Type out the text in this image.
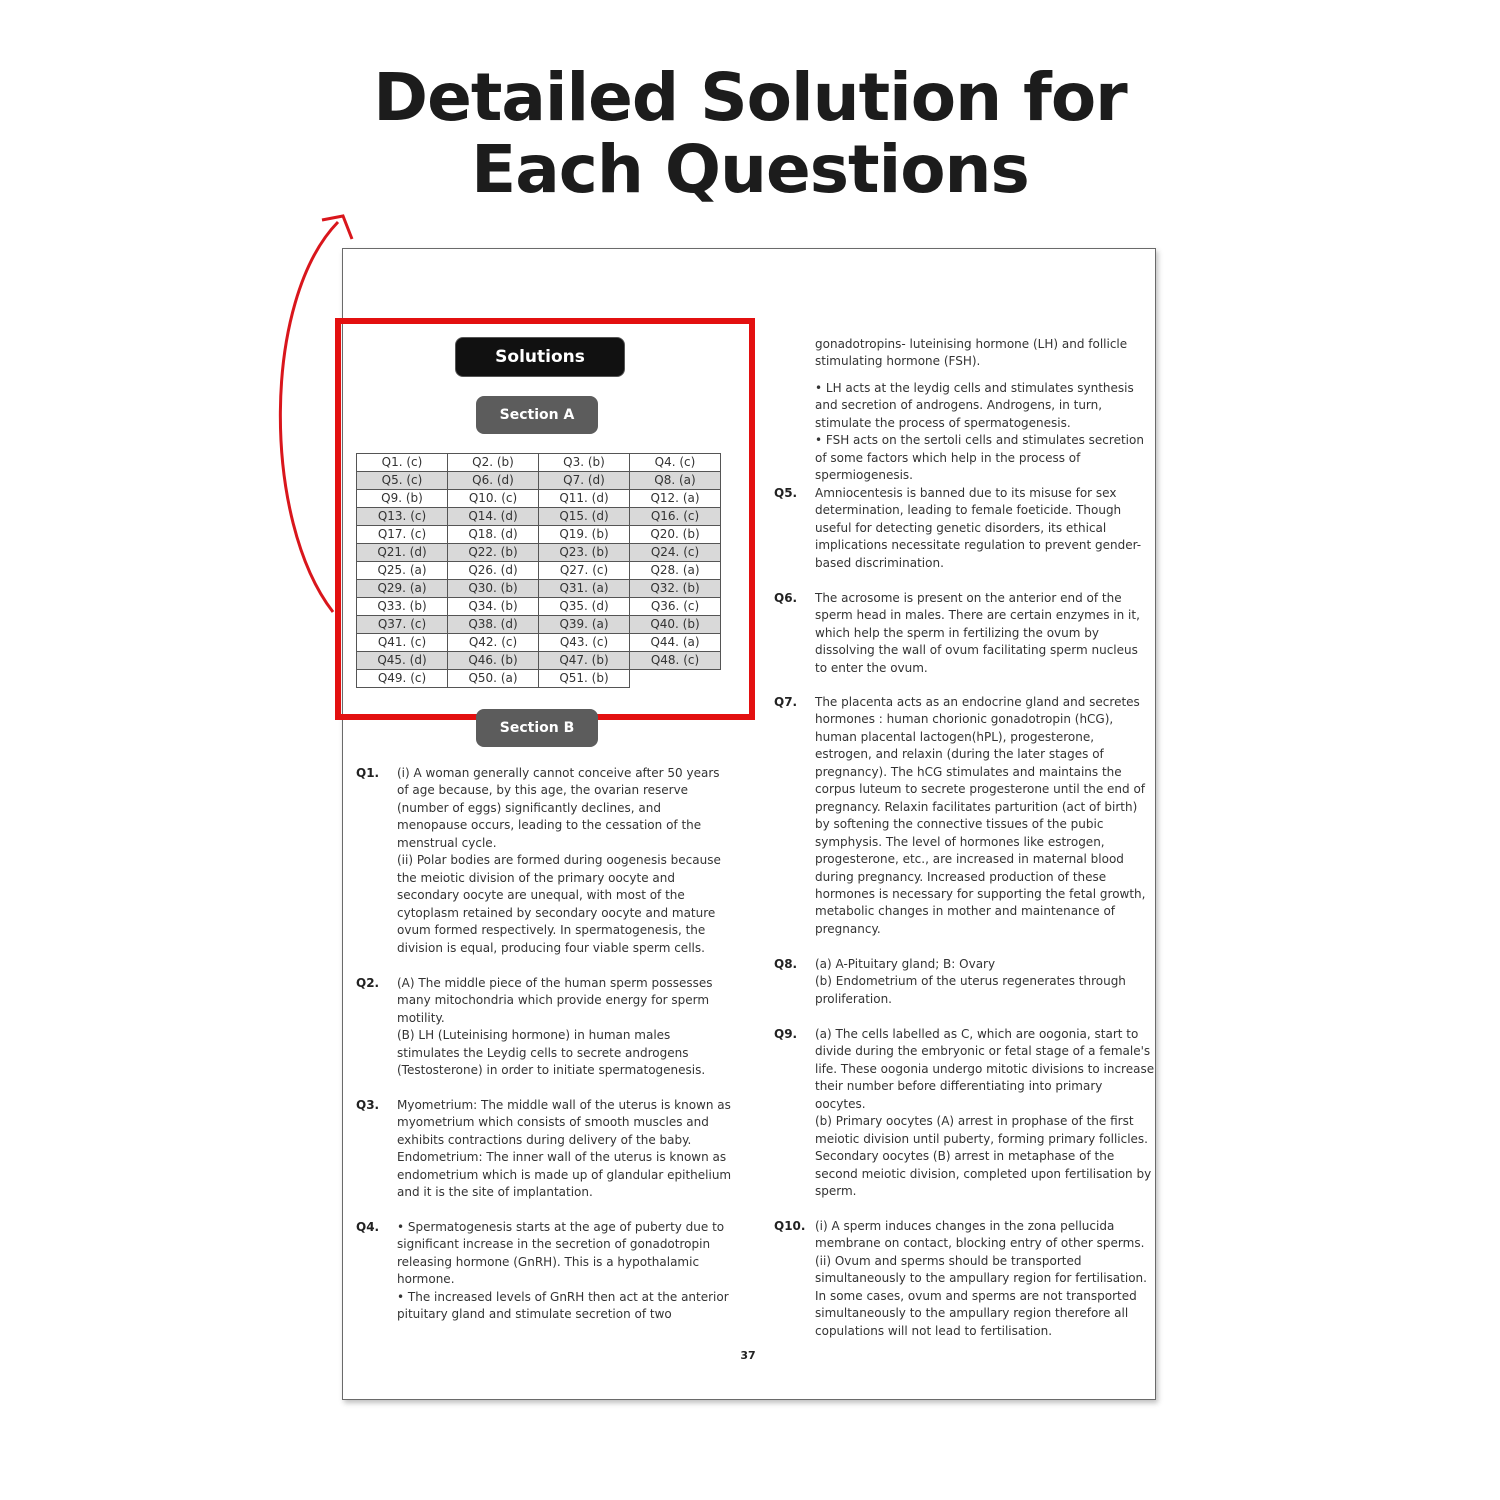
Detailed Solution for
Each Questions
Solutions
Section A
Q1. (c)	Q2. (b)	Q3. (b)	Q4. (c)
Q5. (c)	Q6. (d)	Q7. (d)	Q8. (a)
Q9. (b)	Q10. (c)	Q11. (d)	Q12. (a)
Q13. (c)	Q14. (d)	Q15. (d)	Q16. (c)
Q17. (c)	Q18. (d)	Q19. (b)	Q20. (b)
Q21. (d)	Q22. (b)	Q23. (b)	Q24. (c)
Q25. (a)	Q26. (d)	Q27. (c)	Q28. (a)
Q29. (a)	Q30. (b)	Q31. (a)	Q32. (b)
Q33. (b)	Q34. (b)	Q35. (d)	Q36. (c)
Q37. (c)	Q38. (d)	Q39. (a)	Q40. (b)
Q41. (c)	Q42. (c)	Q43. (c)	Q44. (a)
Q45. (d)	Q46. (b)	Q47. (b)	Q48. (c)
Q49. (c)	Q50. (a)	Q51. (b)	
Section B
Q1. (i) A woman generally cannot conceive after 50 years
of age because, by this age, the ovarian reserve
(number of eggs) significantly declines, and
menopause occurs, leading to the cessation of the
menstrual cycle.
(ii) Polar bodies are formed during oogenesis because
the meiotic division of the primary oocyte and
secondary oocyte are unequal, with most of the
cytoplasm retained by secondary oocyte and mature
ovum formed respectively. In spermatogenesis, the
division is equal, producing four viable sperm cells.
Q2. (A) The middle piece of the human sperm possesses
many mitochondria which provide energy for sperm
motility.
(B) LH (Luteinising hormone) in human males
stimulates the Leydig cells to secrete androgens
(Testosterone) in order to initiate spermatogenesis.
Q3. Myometrium: The middle wall of the uterus is known as
myometrium which consists of smooth muscles and
exhibits contractions during delivery of the baby.
Endometrium: The inner wall of the uterus is known as
endometrium which is made up of glandular epithelium
and it is the site of implantation.
Q4. • Spermatogenesis starts at the age of puberty due to
significant increase in the secretion of gonadotropin
releasing hormone (GnRH). This is a hypothalamic
hormone.
• The increased levels of GnRH then act at the anterior
pituitary gland and stimulate secretion of two
gonadotropins- luteinising hormone (LH) and follicle
stimulating hormone (FSH).
• LH acts at the leydig cells and stimulates synthesis
and secretion of androgens. Androgens, in turn,
stimulate the process of spermatogenesis.
• FSH acts on the sertoli cells and stimulates secretion
of some factors which help in the process of
spermiogenesis.
Q5. Amniocentesis is banned due to its misuse for sex
determination, leading to female foeticide. Though
useful for detecting genetic disorders, its ethical
implications necessitate regulation to prevent gender-
based discrimination.
Q6. The acrosome is present on the anterior end of the
sperm head in males. There are certain enzymes in it,
which help the sperm in fertilizing the ovum by
dissolving the wall of ovum facilitating sperm nucleus
to enter the ovum.
Q7. The placenta acts as an endocrine gland and secretes
hormones : human chorionic gonadotropin (hCG),
human placental lactogen(hPL), progesterone,
estrogen, and relaxin (during the later stages of
pregnancy). The hCG stimulates and maintains the
corpus luteum to secrete progesterone until the end of
pregnancy. Relaxin facilitates parturition (act of birth)
by softening the connective tissues of the pubic
symphysis. The level of hormones like estrogen,
progesterone, etc., are increased in maternal blood
during pregnancy. Increased production of these
hormones is necessary for supporting the fetal growth,
metabolic changes in mother and maintenance of
pregnancy.
Q8. (a) A-Pituitary gland; B: Ovary
(b) Endometrium of the uterus regenerates through
proliferation.
Q9. (a) The cells labelled as C, which are oogonia, start to
divide during the embryonic or fetal stage of a female's
life. These oogonia undergo mitotic divisions to increase
their number before differentiating into primary
oocytes.
(b) Primary oocytes (A) arrest in prophase of the first
meiotic division until puberty, forming primary follicles.
Secondary oocytes (B) arrest in metaphase of the
second meiotic division, completed upon fertilisation by
sperm.
Q10. (i) A sperm induces changes in the zona pellucida
membrane on contact, blocking entry of other sperms.
(ii) Ovum and sperms should be transported
simultaneously to the ampullary region for fertilisation.
In some cases, ovum and sperms are not transported
simultaneously to the ampullary region therefore all
copulations will not lead to fertilisation.
37
